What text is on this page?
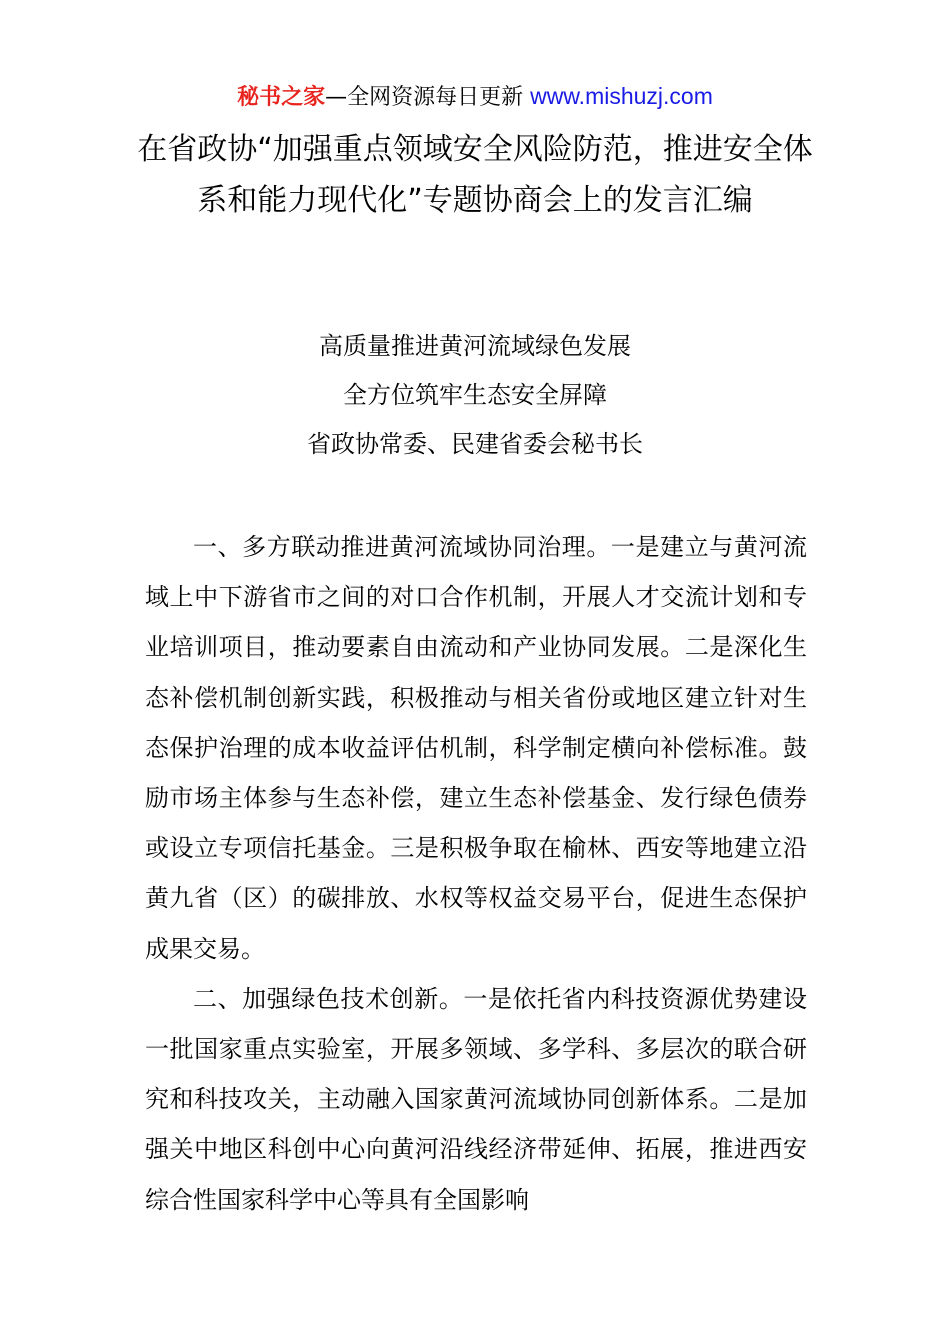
秘书之家—全网资源每日更新 www.mishuzj.com
在省政协“加强重点领域安全风险防范，推进安全体系和能力现代化”专题协商会上的发言汇编

高质量推进黄河流域绿色发展

全方位筑牢生态安全屏障

省政协常委、民建省委会秘书长

一、多方联动推进黄河流域协同治理。一是建立与黄河流域上中下游省市之间的对口合作机制，开展人才交流计划和专业培训项目，推动要素自由流动和产业协同发展。二是深化生态补偿机制创新实践，积极推动与相关省份或地区建立针对生态保护治理的成本收益评估机制，科学制定横向补偿标准。鼓励市场主体参与生态补偿，建立生态补偿基金、发行绿色债券或设立专项信托基金。三是积极争取在榆林、西安等地建立沿黄九省（区）的碳排放、水权等权益交易平台，促进生态保护成果交易。

二、加强绿色技术创新。一是依托省内科技资源优势建设一批国家重点实验室，开展多领域、多学科、多层次的联合研究和科技攻关，主动融入国家黄河流域协同创新体系。二是加强关中地区科创中心向黄河沿线经济带延伸、拓展，推进西安综合性国家科学中心等具有全国影响
